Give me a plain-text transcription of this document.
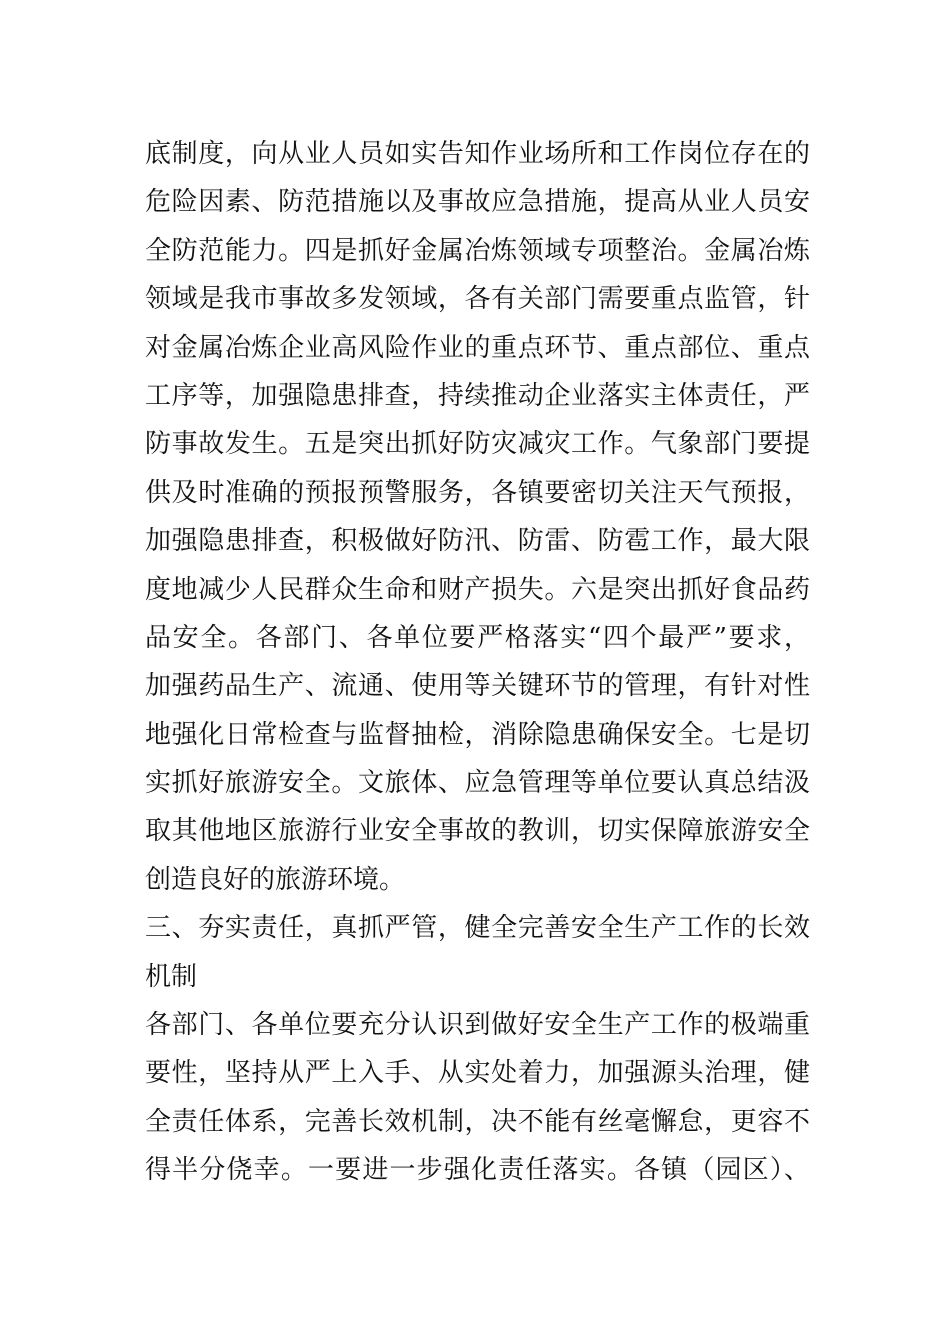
底制度，向从业人员如实告知作业场所和工作岗位存在的
危险因素、防范措施以及事故应急措施，提高从业人员安
全防范能力。四是抓好金属冶炼领域专项整治。金属冶炼
领域是我市事故多发领域，各有关部门需要重点监管，针
对金属冶炼企业高风险作业的重点环节、重点部位、重点
工序等，加强隐患排查，持续推动企业落实主体责任，严
防事故发生。五是突出抓好防灾减灾工作。气象部门要提
供及时准确的预报预警服务，各镇要密切关注天气预报，
加强隐患排查，积极做好防汛、防雷、防雹工作，最大限
度地减少人民群众生命和财产损失。六是突出抓好食品药
品安全。各部门、各单位要严格落实“四个最严”要求，
加强药品生产、流通、使用等关键环节的管理，有针对性
地强化日常检查与监督抽检，消除隐患确保安全。七是切
实抓好旅游安全。文旅体、应急管理等单位要认真总结汲
取其他地区旅游行业安全事故的教训，切实保障旅游安全
创造良好的旅游环境。
三、夯实责任，真抓严管，健全完善安全生产工作的长效
机制
各部门、各单位要充分认识到做好安全生产工作的极端重
要性，坚持从严上入手、从实处着力，加强源头治理，健
全责任体系，完善长效机制，决不能有丝毫懈怠，更容不
得半分侥幸。一要进一步强化责任落实。各镇（园区）、
